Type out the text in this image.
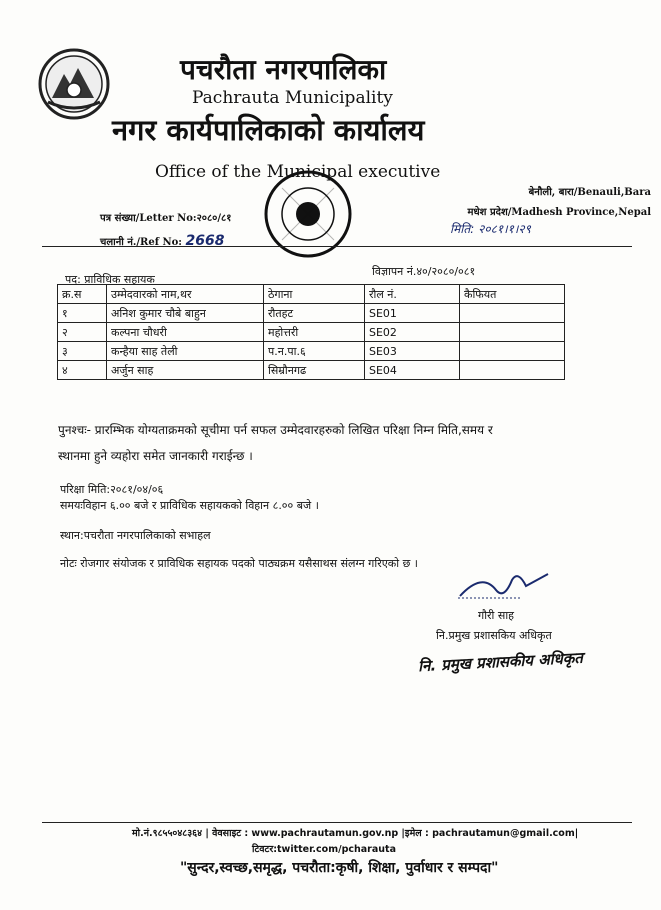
पचरौता नगरपालिका
Pachrauta Municipality
नगर कार्यपालिकाको कार्यालय
Office of the Municipal executive
बेनौली, बारा/Benauli,Bara
मधेश प्रदेश/Madhesh Province,Nepal
मिति: २०८१।१।२९
पत्र संख्या/Letter No:२०८०/८१
चलानी नं./Ref No: 2668
पद: प्राविधिक सहायक
विज्ञापन नं.४०/२०८०/०८१
क्र.स	उम्मेदवारको नाम,थर	ठेगाना	रौल नं.	कैफियत
१	अनिश कुमार चौबे बाहुन	रौतहट	SE01	
२	कल्पना चौधरी	महोत्तरी	SE02	
३	कन्हैया साह तेली	प.न.पा.६	SE03	
४	अर्जुन साह	सिम्रौनगढ	SE04	
पुनश्चः- प्रारम्भिक योग्यताक्रमको सूचीमा पर्न सफल उम्मेदवारहरुको लिखित परिक्षा निम्न मिति,समय र
स्थानमा हुने व्यहोरा समेत जानकारी गराईन्छ ।
परिक्षा मिति:२०८१/०४/०६
समयःविहान ६.०० बजे र प्राविधिक सहायकको विहान ८.०० बजे ।
स्थान:पचरौता नगरपालिकाको सभाहल
नोटः रोजगार संयोजक र प्राविधिक सहायक पदको पाठ्यक्रम यसैसाथस संलग्न गरिएको छ ।
गौरी साह
नि.प्रमुख प्रशासकिय अधिकृत
नि. प्रमुख प्रशासकीय अधिकृत
मो.नं.९८५५०४८३६४ | वेवसाइट : www.pachrautamun.gov.np |इमेल : pachrautamun@gmail.com|
टिवटर:twitter.com/pcharauta
"सुन्दर,स्वच्छ,समृद्ध, पचरौता:कृषी, शिक्षा, पुर्वाधार र सम्पदा"
